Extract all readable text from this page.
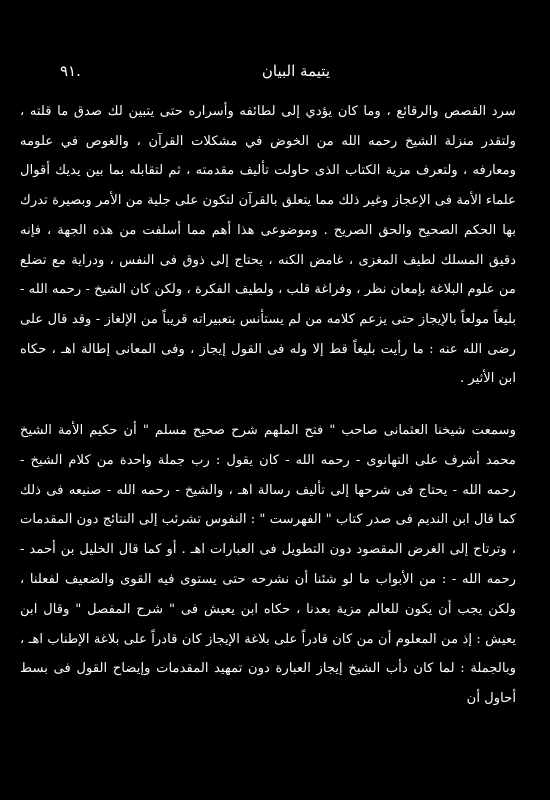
يتيمة البيان
٩١.

سرد القصص والرقائع ، وما كان يؤدي إلى لطائفه وأسراره حتى يتبين لك صدق ما قلته ، ولتقدر منزلة الشيخ رحمه الله من الخوض في مشكلات القرآن ، والغوص في علومه ومعارفه ، ولتعرف مزية الكتاب الذى حاولت تأليف مقدمته ، ثم لتقابله بما بين يديك أقوال علماء الأمة فى الإعجاز وغير ذلك مما يتعلق بالقرآن لتكون على جلية من الأمر وبصيرة تدرك بها الحكم الصحيح والحق الصريح . وموضوعى هذا أهم مما أسلفت من هذه الجهة ، فإنه دقيق المسلك لطيف المغزى ، غامض الكنه ، يحتاج إلى ذوق فى النفس ، ودراية مع تضلع من علوم البلاغة بإمعان نظر ، وفراغة قلب ، ولطيف الفكرة ، ولكن كان الشيخ - رحمه الله - بليغاً مولعاً بالإيجاز حتى يزعم كلامه من لم يستأنس بتعبيراته قريباً من الإلغاز - وقد قال على رضى الله عنه : ما رأيت بليغاً قط إلا وله فى القول إيجاز ، وفى المعانى إطالة اهـ ، حكاه ابن الأثير .

وسمعت شيخنا العثمانى صاحب " فتح الملهم شرح صحيح مسلم " أن حكيم الأمة الشيخ محمد أشرف على التهانوى - رحمه الله - كان يقول : رب جملة واحدة من كلام الشيخ - رحمه الله - يحتاج فى شرحها إلى تأليف رسالة اهـ ، والشيخ - رحمه الله - صنيعه فى ذلك كما قال ابن النديم فى صدر كتاب " الفهرست " : النفوس تشرئب إلى النتائج دون المقدمات ، وترتاح إلى الغرض المقصود دون التطويل فى العبارات اهـ . أو كما قال الخليل بن أحمد - رحمه الله - : من الأبواب ما لو شئنا أن نشرحه حتى يستوى فيه القوى والضعيف لفعلنا ، ولكن يجب أن يكون للعالم مزية بعدنا ، حكاه ابن يعيش فى " شرح المفصل " وقال ابن يعيش : إذ من المعلوم أن من كان قادراً على بلاغة الإيجاز كان قادراً على بلاغة الإطناب اهـ ، وبالجملة : لما كان دأب الشيخ إيجاز العبارة دون تمهيد المقدمات وإيضاح القول فى بسط أحاول أن
